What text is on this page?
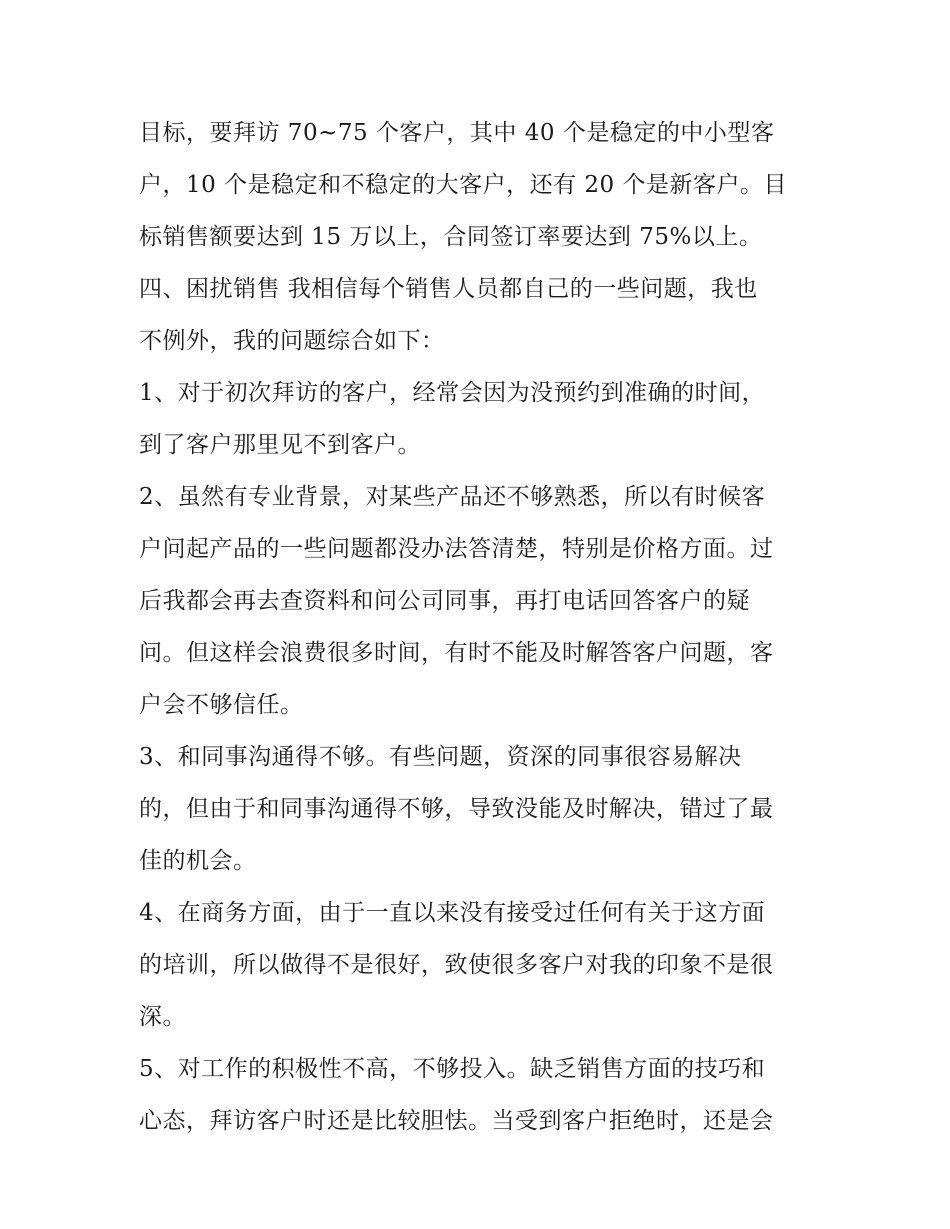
目标，要拜访 70~75 个客户，其中 40 个是稳定的中小型客
户，10 个是稳定和不稳定的大客户，还有 20 个是新客户。目
标销售额要达到 15 万以上，合同签订率要达到 75%以上。
四、困扰销售 我相信每个销售人员都自己的一些问题，我也
不例外，我的问题综合如下：
1、对于初次拜访的客户，经常会因为没预约到准确的时间，
到了客户那里见不到客户。
2、虽然有专业背景，对某些产品还不够熟悉，所以有时候客
户问起产品的一些问题都没办法答清楚，特别是价格方面。过
后我都会再去查资料和问公司同事，再打电话回答客户的疑
问。但这样会浪费很多时间，有时不能及时解答客户问题，客
户会不够信任。
3、和同事沟通得不够。有些问题，资深的同事很容易解决
的，但由于和同事沟通得不够，导致没能及时解决，错过了最
佳的机会。
4、在商务方面，由于一直以来没有接受过任何有关于这方面
的培训，所以做得不是很好，致使很多客户对我的印象不是很
深。
5、对工作的积极性不高，不够投入。缺乏销售方面的技巧和
心态，拜访客户时还是比较胆怯。当受到客户拒绝时，还是会
